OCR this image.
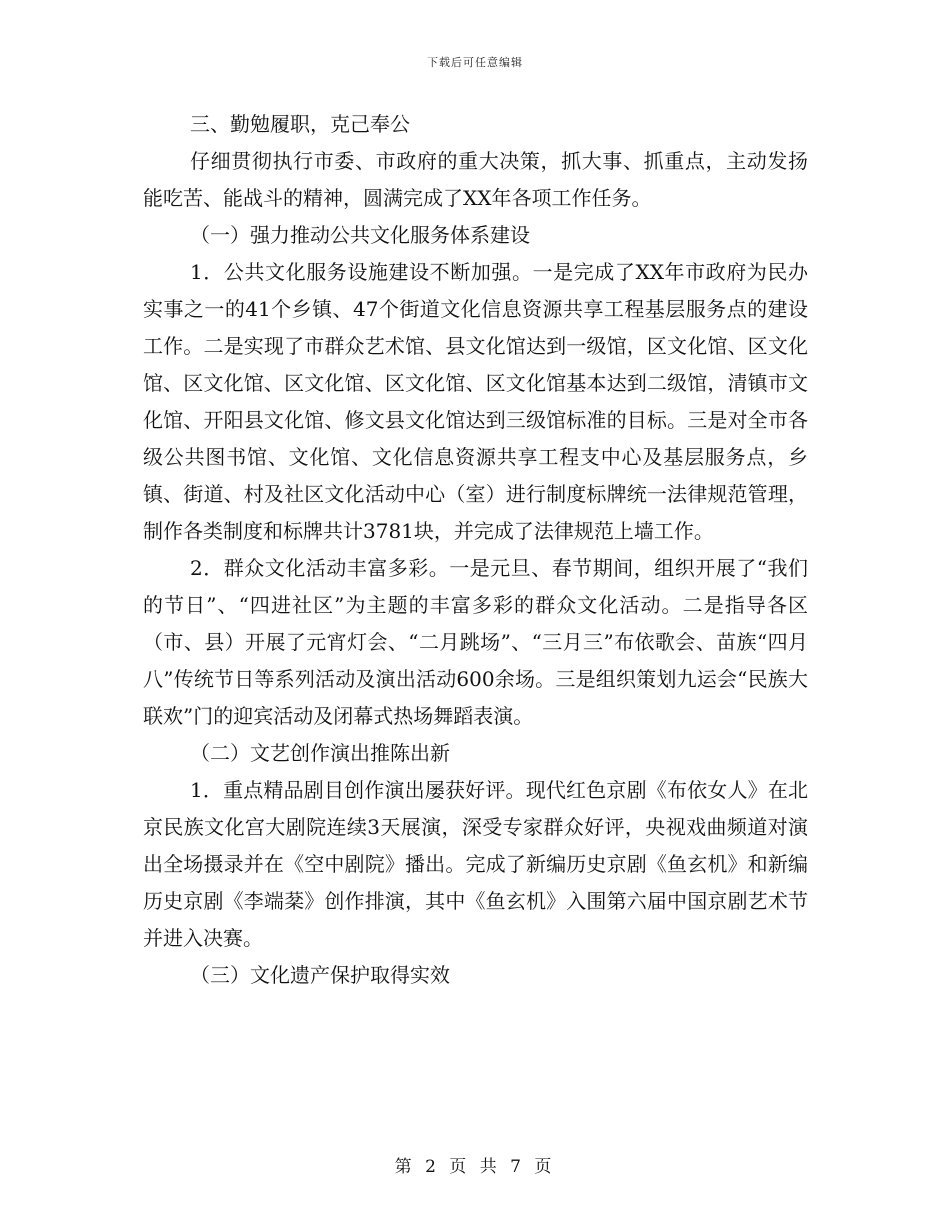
下载后可任意编辑

三、勤勉履职，克己奉公

仔细贯彻执行市委、市政府的重大决策，抓大事、抓重点，主动发扬能吃苦、能战斗的精神，圆满完成了XX年各项工作任务。

（一）强力推动公共文化服务体系建设

1．公共文化服务设施建设不断加强。一是完成了XX年市政府为民办实事之一的41个乡镇、47个街道文化信息资源共享工程基层服务点的建设工作。二是实现了市群众艺术馆、县文化馆达到一级馆，区文化馆、区文化馆、区文化馆、区文化馆、区文化馆、区文化馆基本达到二级馆，清镇市文化馆、开阳县文化馆、修文县文化馆达到三级馆标准的目标。三是对全市各级公共图书馆、文化馆、文化信息资源共享工程支中心及基层服务点，乡镇、街道、村及社区文化活动中心（室）进行制度标牌统一法律规范管理，制作各类制度和标牌共计3781块，并完成了法律规范上墙工作。

2．群众文化活动丰富多彩。一是元旦、春节期间，组织开展了“我们的节日”、“四进社区”为主题的丰富多彩的群众文化活动。二是指导各区（市、县）开展了元宵灯会、“二月跳场”、“三月三”布依歌会、苗族“四月八”传统节日等系列活动及演出活动600余场。三是组织策划九运会“民族大联欢”门的迎宾活动及闭幕式热场舞蹈表演。

（二）文艺创作演出推陈出新

1．重点精品剧目创作演出屡获好评。现代红色京剧《布依女人》在北京民族文化宫大剧院连续3天展演，深受专家群众好评，央视戏曲频道对演出全场摄录并在《空中剧院》播出。完成了新编历史京剧《鱼玄机》和新编历史京剧《李端棻》创作排演，其中《鱼玄机》入围第六届中国京剧艺术节并进入决赛。

（三）文化遗产保护取得实效

第 2 页 共 7 页
